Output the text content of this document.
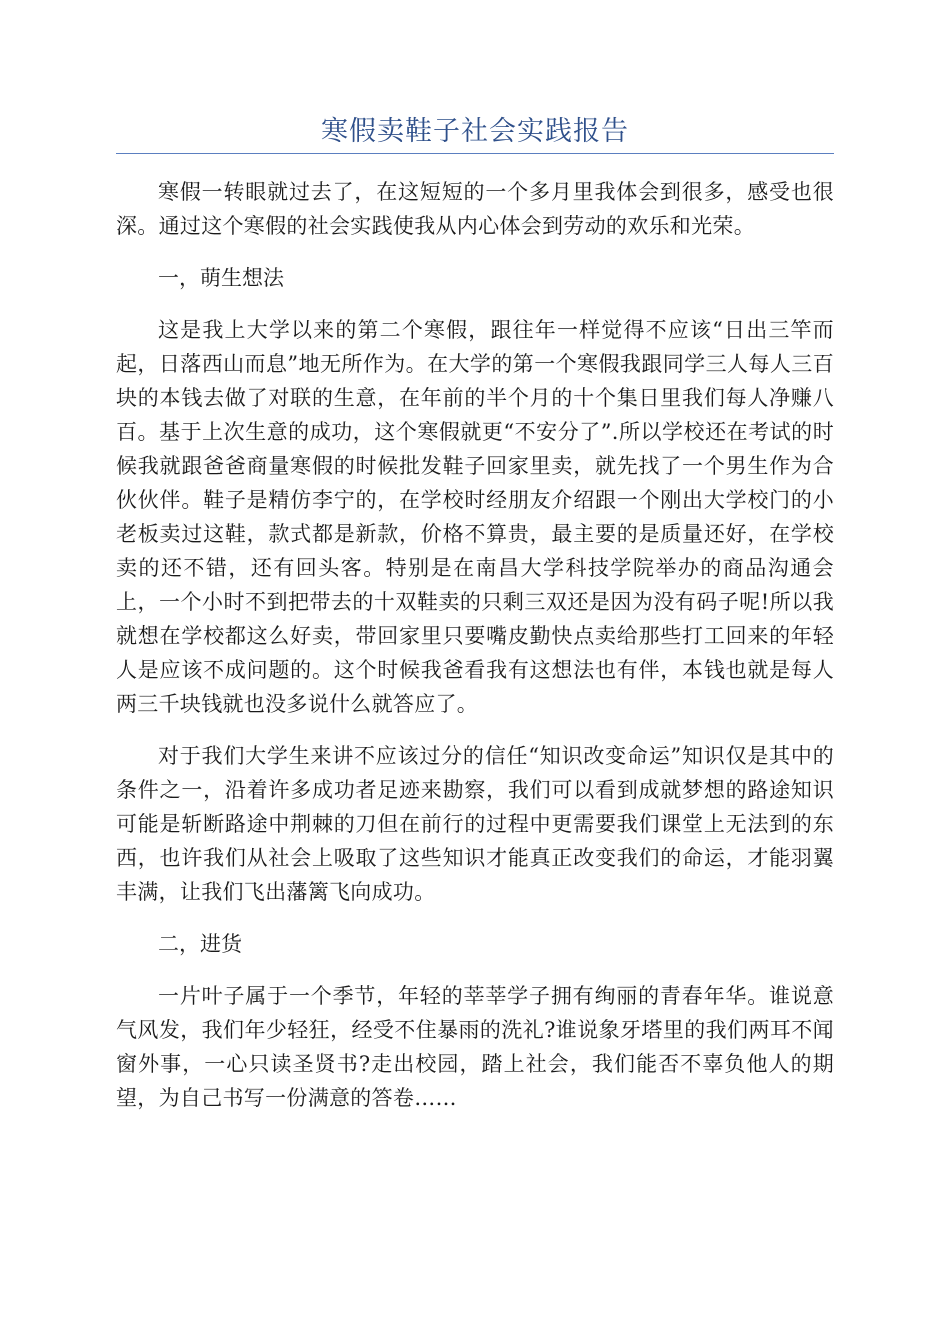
寒假卖鞋子社会实践报告

寒假一转眼就过去了，在这短短的一个多月里我体会到很多，感受也很深。通过这个寒假的社会实践使我从内心体会到劳动的欢乐和光荣。

一，萌生想法

这是我上大学以来的第二个寒假，跟往年一样觉得不应该“日出三竿而起，日落西山而息”地无所作为。在大学的第一个寒假我跟同学三人每人三百块的本钱去做了对联的生意，在年前的半个月的十个集日里我们每人净赚八百。基于上次生意的成功，这个寒假就更“不安分了”.所以学校还在考试的时候我就跟爸爸商量寒假的时候批发鞋子回家里卖，就先找了一个男生作为合伙伙伴。鞋子是精仿李宁的，在学校时经朋友介绍跟一个刚出大学校门的小老板卖过这鞋，款式都是新款，价格不算贵，最主要的是质量还好，在学校卖的还不错，还有回头客。特别是在南昌大学科技学院举办的商品沟通会上，一个小时不到把带去的十双鞋卖的只剩三双还是因为没有码子呢!所以我就想在学校都这么好卖，带回家里只要嘴皮勤快点卖给那些打工回来的年轻人是应该不成问题的。这个时候我爸看我有这想法也有伴，本钱也就是每人两三千块钱就也没多说什么就答应了。

对于我们大学生来讲不应该过分的信任“知识改变命运”知识仅是其中的条件之一，沿着许多成功者足迹来勘察，我们可以看到成就梦想的路途知识可能是斩断路途中荆棘的刀但在前行的过程中更需要我们课堂上无法到的东西，也许我们从社会上吸取了这些知识才能真正改变我们的命运，才能羽翼丰满，让我们飞出藩篱飞向成功。

二，进货

一片叶子属于一个季节，年轻的莘莘学子拥有绚丽的青春年华。谁说意气风发，我们年少轻狂，经受不住暴雨的洗礼?谁说象牙塔里的我们两耳不闻窗外事，一心只读圣贤书?走出校园，踏上社会，我们能否不辜负他人的期望，为自己书写一份满意的答卷……
